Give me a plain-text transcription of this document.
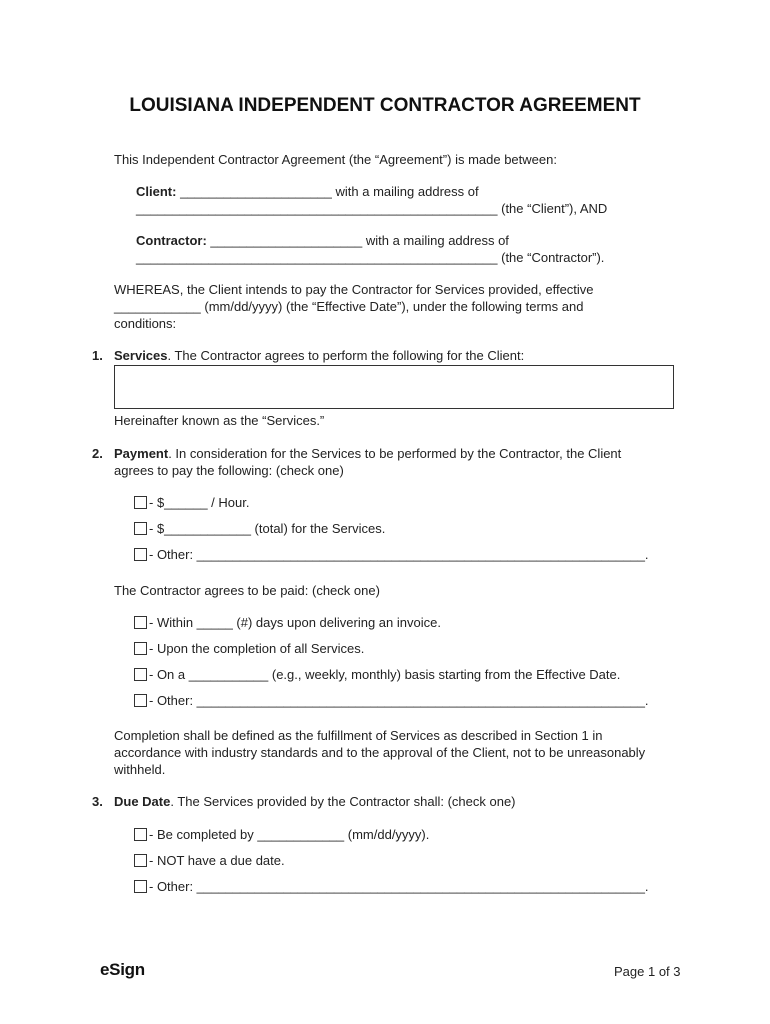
LOUISIANA INDEPENDENT CONTRACTOR AGREEMENT

This Independent Contractor Agreement (the “Agreement”) is made between:

Client: _____________________ with a mailing address of
__________________________________________________ (the “Client”), AND
Contractor: _____________________ with a mailing address of
__________________________________________________ (the “Contractor”).
WHEREAS, the Client intends to pay the Contractor for Services provided, effective
____________ (mm/dd/yyyy) (the “Effective Date”), under the following terms and
conditions:
1. Services. The Contractor agrees to perform the following for the Client:

Hereinafter known as the “Services.”

2. Payment. In consideration for the Services to be performed by the Contractor, the Client
agrees to pay the following: (check one)
- $______ / Hour.
- $____________ (total) for the Services.
- Other: ______________________________________________________________.

The Contractor agrees to be paid: (check one)

- Within _____ (#) days upon delivering an invoice.
- Upon the completion of all Services.
- On a ___________ (e.g., weekly, monthly) basis starting from the Effective Date.
- Other: ______________________________________________________________.
Completion shall be defined as the fulfillment of Services as described in Section 1 in
accordance with industry standards and to the approval of the Client, not to be unreasonably
withheld.
3. Due Date. The Services provided by the Contractor shall: (check one)
- Be completed by ____________ (mm/dd/yyyy).
- NOT have a due date.
- Other: ______________________________________________________________.
eSign	Page 1 of 3
